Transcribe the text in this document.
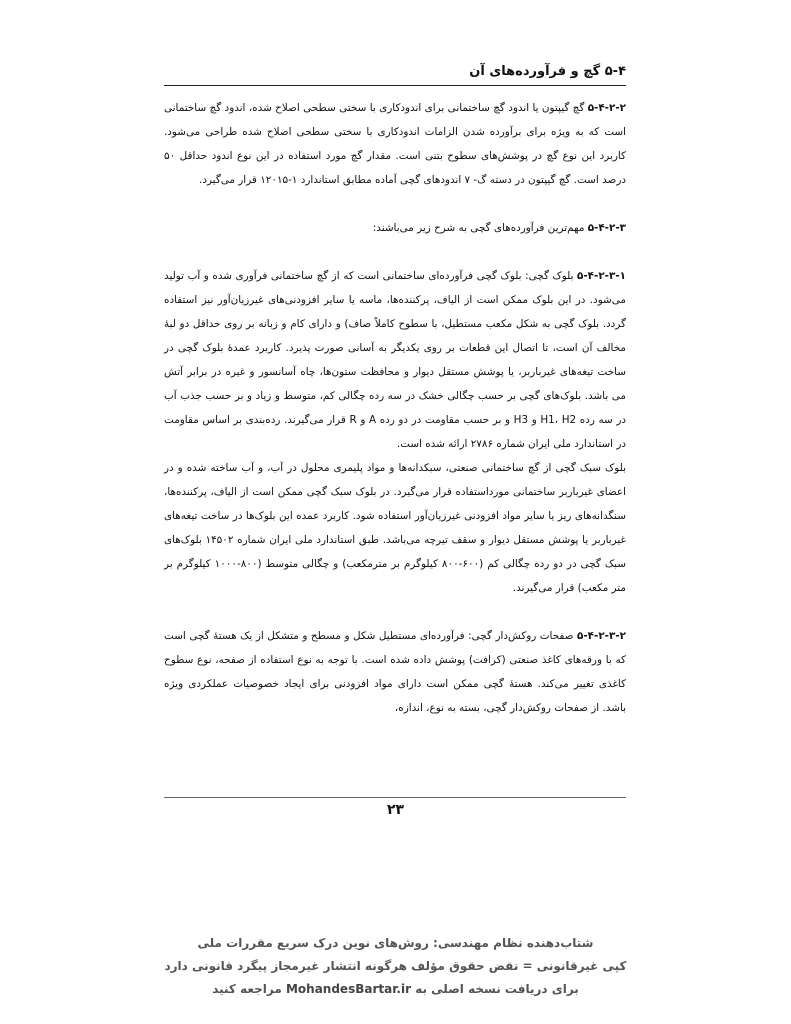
۵-۴ گچ و فرآورده‌های آن

۵-۴-۲-۲ گچ گیپتون یا اندود گچ ساختمانی برای اندودکاری با سختی سطحی اصلاح شده، اندود گچ ساختمانی است که به ویژه برای برآورده شدن الزامات اندودکاری با سختی سطحی اصلاح شده طراحی می‌شود. کاربرد این نوع گچ در پوشش‌های سطوح بتنی است. مقدار گچ مورد استفاده در این نوع اندود حداقل ۵۰ درصد است. گچ گیپتون در دسته گ- ۷ اندودهای گچی آماده مطابق استاندارد ۱-۱۲۰۱۵ قرار می‌گیرد.

۵-۴-۲-۳ مهم‌ترین فرآورده‌های گچی به شرح زیر می‌باشند:

۵-۴-۲-۳-۱ بلوک گچی: بلوک گچی فرآورده‌ای ساختمانی است که از گچ ساختمانی فرآوری شده و آب تولید می‌شود. در این بلوک ممکن است از الیاف، پرکننده‌ها، ماسه یا سایر افزودنی‌های غیرزیان‌آور نیز استفاده گردد. بلوک گچی به شکل مکعب مستطیل، با سطوح کاملاً صاف) و دارای کام و زبانه بر روی حداقل دو لبهٔ مخالف آن است، تا اتصال این قطعات بر روی یکدیگر به آسانی صورت پذیرد. کاربرد عمدهٔ بلوک گچی در ساخت تیغه‌های غیرباربر، یا پوشش مستقل دیوار و محافظت ستون‌ها، چاه آسانسور و غیره در برابر آتش می باشد. بلوک‌های گچی بر حسب چگالی خشک در سه رده چگالی کم، متوسط و زیاد و بر حسب جذب آب در سه رده H1، H2 و H3 و بر حسب مقاومت در دو رده A و R قرار می‌گیرند. رده‌بندی بر اساس مقاومت در استاندارد ملی ایران شماره ۲۷۸۶ ارائه شده است.

بلوک سبک گچی از گچ ساختمانی صنعتی، سبکدانه‌ها و مواد پلیمری محلول در آب، و آب ساخته شده و در اعضای غیرباربر ساختمانی مورداستفاده قرار می‌گیرد. در بلوک سبک گچی ممکن است از الیاف، پرکننده‌ها، سنگدانه‌های ریز یا سایر مواد افزودنی غیرزیان‌آور استفاده شود. کاربرد عمده این بلوک‌ها در ساخت تیغه‌های غیرباربر یا پوشش مستقل دیوار و سقف تیرچه می‌باشد. طبق استاندارد ملی ایران شماره ۱۴۵۰۲ بلوک‌های سبک گچی در دو رده چگالی کم (۶۰۰-۸۰۰ کیلوگرم بر مترمکعب) و چگالی متوسط (۸۰۰-۱۰۰۰ کیلوگرم بر متر مکعب) قرار می‌گیرند.

۵-۴-۲-۳-۲ صفحات روکش‌دار گچی: فرآورده‌ای مستطیل شکل و مسطح و متشکل از یک هستهٔ گچی است که با ورقه‌های کاغذ صنعتی (کرافت) پوشش داده شده است. با توجه به نوع استفاده از صفحه، نوع سطوح کاغذی تغییر می‌کند. هستهٔ گچی ممکن است دارای مواد افزودنی برای ایجاد خصوصیات عملکردی ویژه باشد. از صفحات روکش‌دار گچی، بسته به نوع، اندازه،

۲۳
شتاب‌دهنده نظام مهندسی: روش‌های نوین درک سریع مقررات ملی
کپی غیرقانونی = نقض حقوق مؤلف هرگونه انتشار غیرمجاز پیگرد قانونی دارد
برای دریافت نسخه اصلی به MohandesBartar.ir مراجعه کنید
